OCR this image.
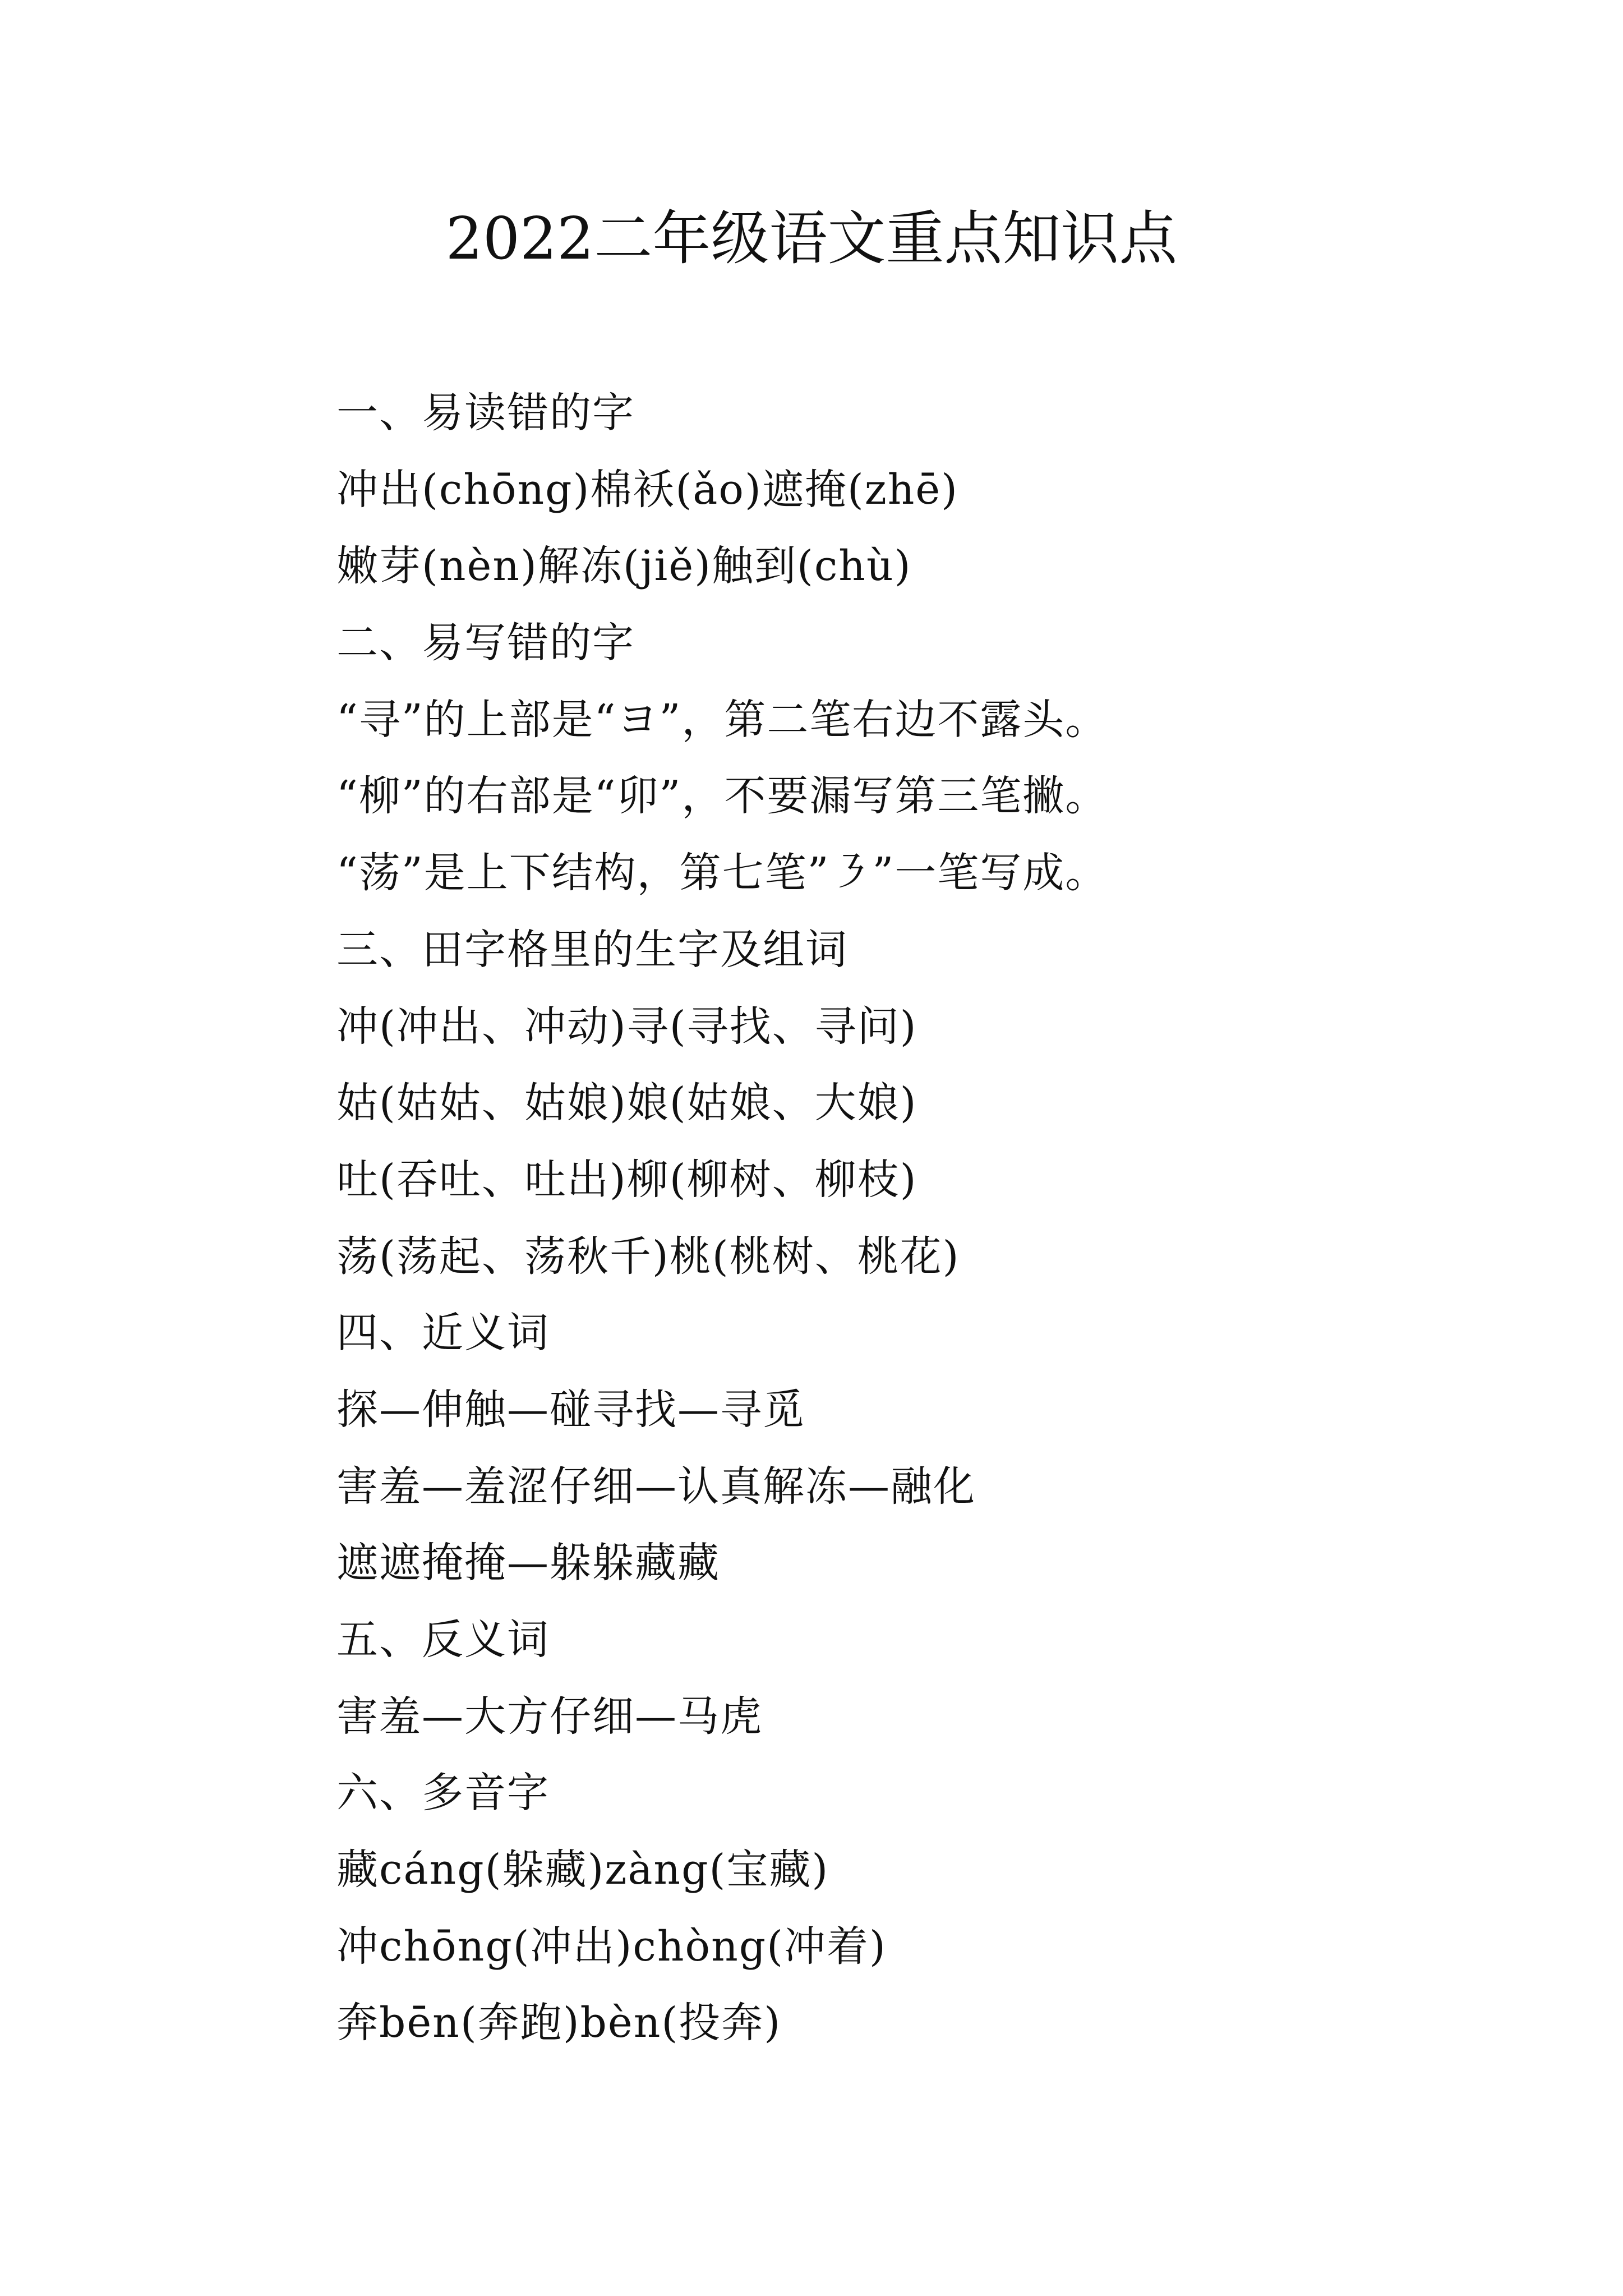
2022二年级语文重点知识点
一、易读错的字
冲出(chōng)棉袄(ǎo)遮掩(zhē)
嫩芽(nèn)解冻(jiě)触到(chù)
二、易写错的字
“寻”的上部是“ヨ”，第二笔右边不露头。
“柳”的右部是“卯”，不要漏写第三笔撇。
“荡”是上下结构，第七笔”㇋”一笔写成。
三、田字格里的生字及组词
冲(冲出、冲动)寻(寻找、寻问)
姑(姑姑、姑娘)娘(姑娘、大娘)
吐(吞吐、吐出)柳(柳树、柳枝)
荡(荡起、荡秋千)桃(桃树、桃花)
四、近义词
探—伸触—碰寻找—寻觅
害羞—羞涩仔细—认真解冻—融化
遮遮掩掩—躲躲藏藏
五、反义词
害羞—大方仔细—马虎
六、多音字
藏cáng(躲藏)zàng(宝藏)
冲chōng(冲出)chòng(冲着)
奔bēn(奔跑)bèn(投奔)
